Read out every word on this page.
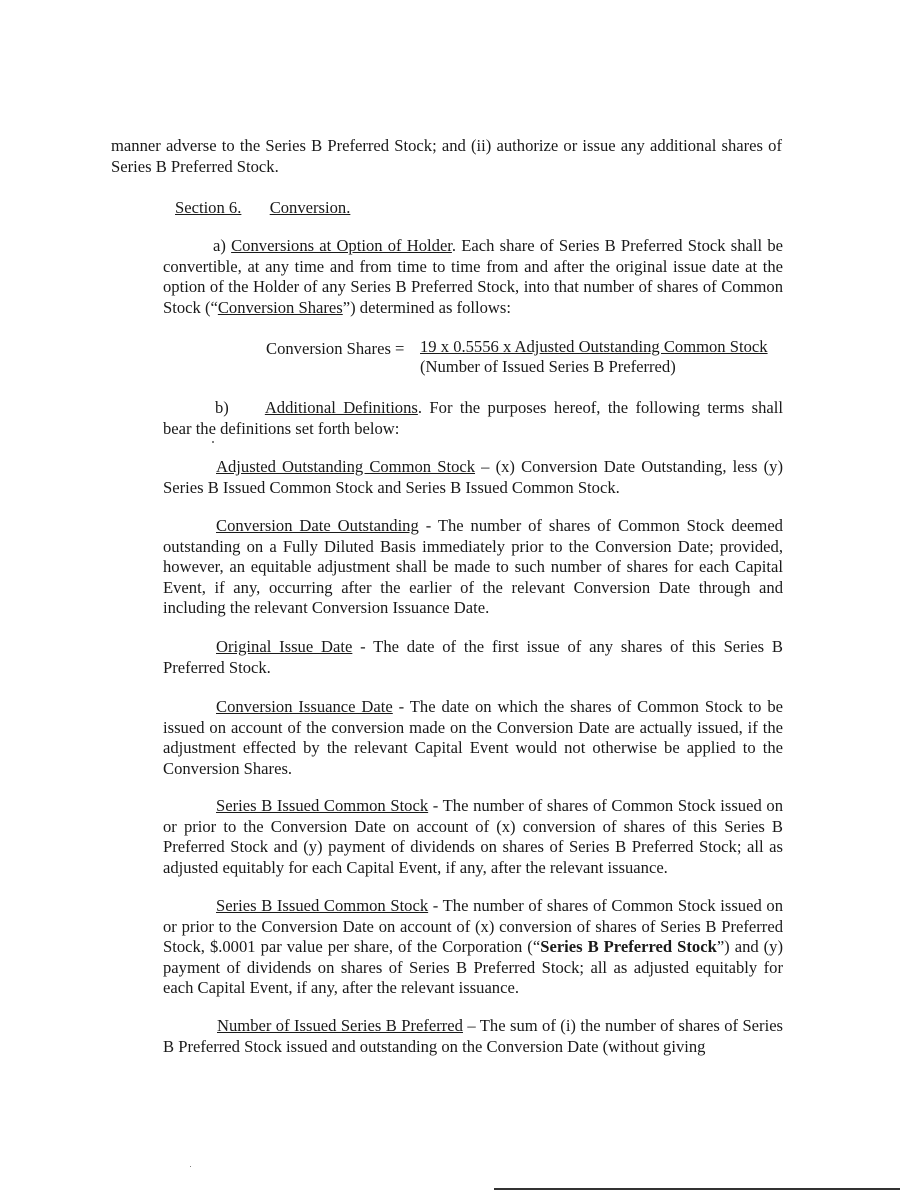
manner adverse to the Series B Preferred Stock; and (ii) authorize or issue any additional shares of Series B Preferred Stock.

Section 6. Conversion.

a) Conversions at Option of Holder. Each share of Series B Preferred Stock shall be convertible, at any time and from time to time from and after the original issue date at the option of the Holder of any Series B Preferred Stock, into that number of shares of Common Stock (“Conversion Shares”) determined as follows:

Conversion Shares = 19 x 0.5556 x Adjusted Outstanding Common Stock
(Number of Issued Series B Preferred)

b) Additional Definitions. For the purposes hereof, the following terms shall bear the definitions set forth below:

Adjusted Outstanding Common Stock – (x) Conversion Date Outstanding, less (y) Series B Issued Common Stock and Series B Issued Common Stock.

Conversion Date Outstanding - The number of shares of Common Stock deemed outstanding on a Fully Diluted Basis immediately prior to the Conversion Date; provided, however, an equitable adjustment shall be made to such number of shares for each Capital Event, if any, occurring after the earlier of the relevant Conversion Date through and including the relevant Conversion Issuance Date.

Original Issue Date - The date of the first issue of any shares of this Series B Preferred Stock.

Conversion Issuance Date - The date on which the shares of Common Stock to be issued on account of the conversion made on the Conversion Date are actually issued, if the adjustment effected by the relevant Capital Event would not otherwise be applied to the Conversion Shares.

Series B Issued Common Stock - The number of shares of Common Stock issued on or prior to the Conversion Date on account of (x) conversion of shares of this Series B Preferred Stock and (y) payment of dividends on shares of Series B Preferred Stock; all as adjusted equitably for each Capital Event, if any, after the relevant issuance.

Series B Issued Common Stock - The number of shares of Common Stock issued on or prior to the Conversion Date on account of (x) conversion of shares of Series B Preferred Stock, $.0001 par value per share, of the Corporation (“Series B Preferred Stock”) and (y) payment of dividends on shares of Series B Preferred Stock; all as adjusted equitably for each Capital Event, if any, after the relevant issuance.

Number of Issued Series B Preferred – The sum of (i) the number of shares of Series B Preferred Stock issued and outstanding on the Conversion Date (without giving
